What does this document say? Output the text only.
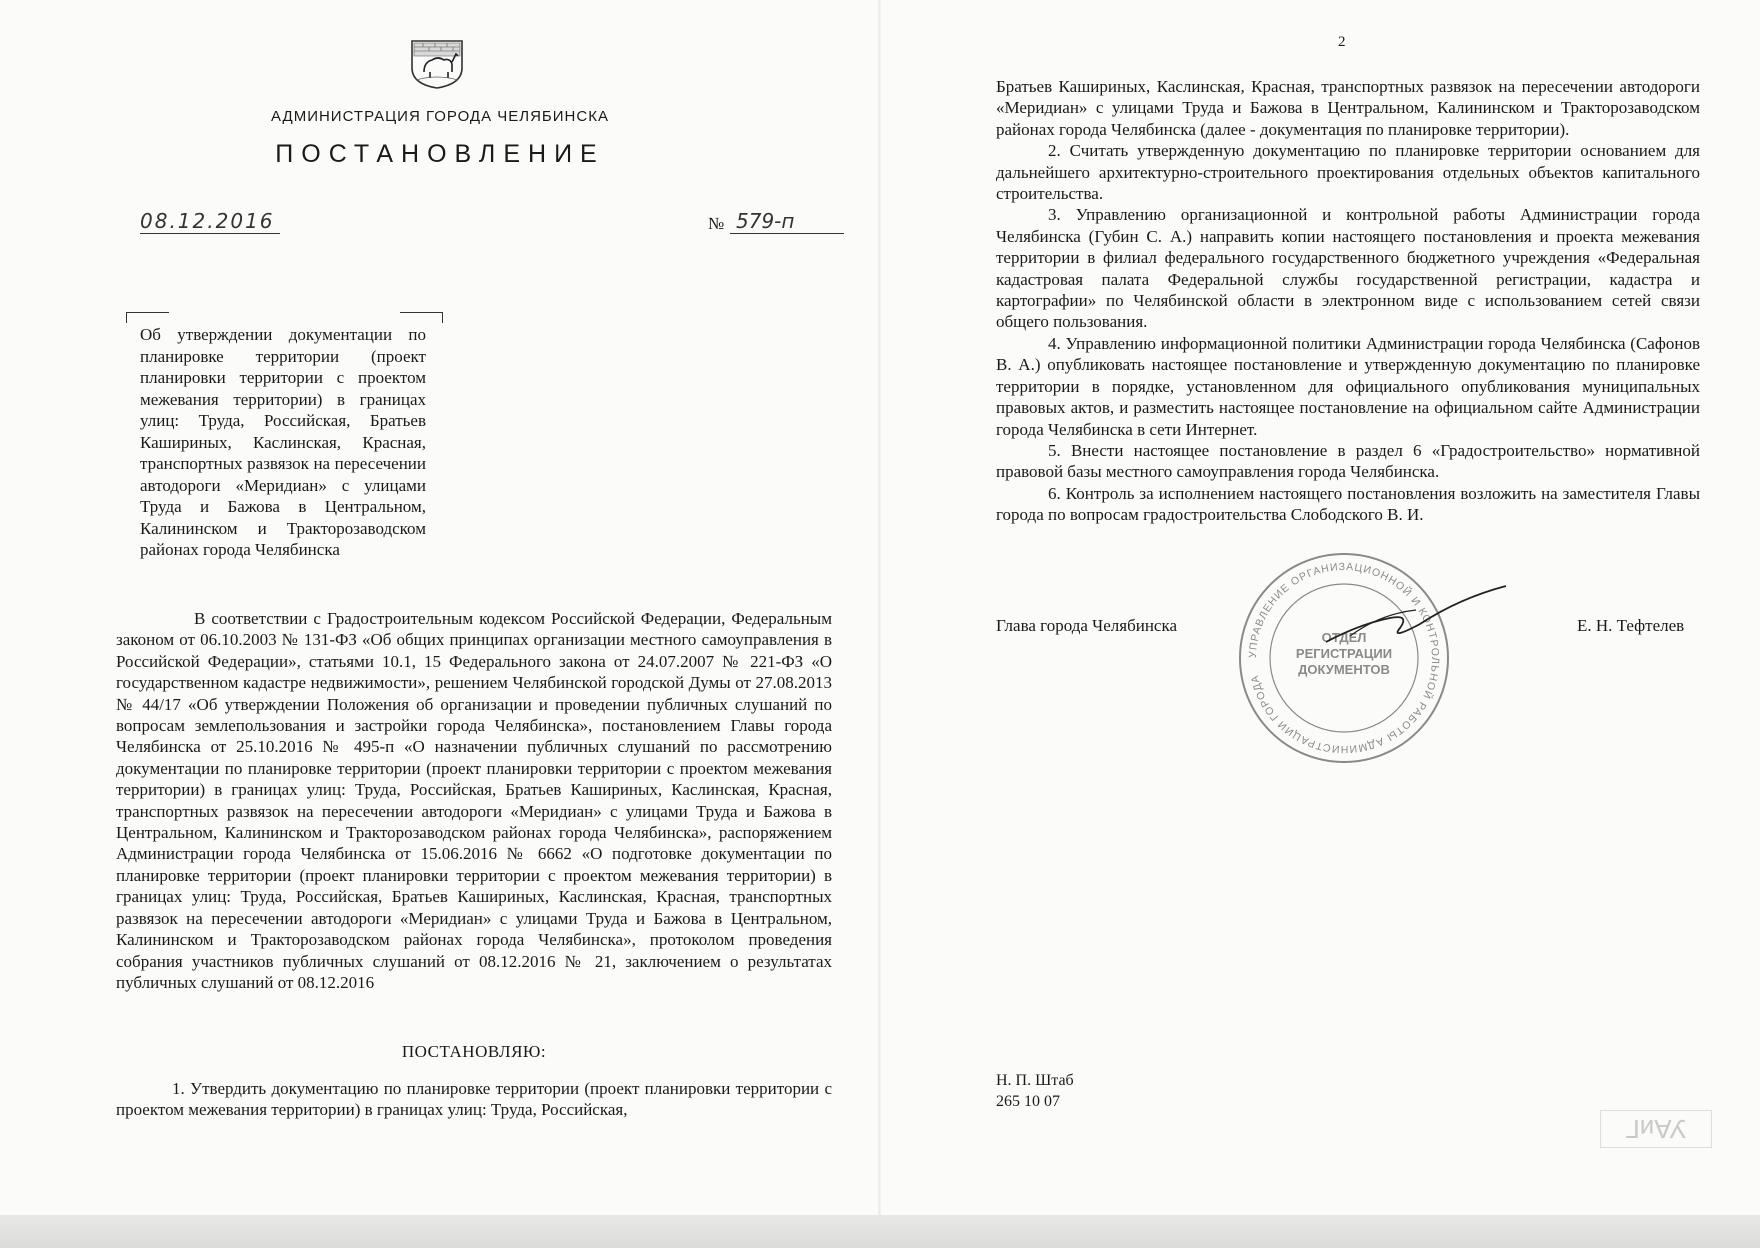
АДМИНИСТРАЦИЯ ГОРОДА ЧЕЛЯБИНСКА
ПОСТАНОВЛЕНИЕ
08.12.2016	№ 579-п
Об утверждении документации по планировке территории (проект планировки территории с проектом межевания территории) в границах улиц: Труда, Российская, Братьев Кашириных, Каслинская, Красная, транспортных развязок на пересечении автодороги «Меридиан» с улицами Труда и Бажова в Центральном, Калининском и Тракторозаводском районах города Челябинска
В соответствии с Градостроительным кодексом Российской Федерации, Федеральным законом от 06.10.2003 № 131-ФЗ «Об общих принципах организации местного самоуправления в Российской Федерации», статьями 10.1, 15 Федерального закона от 24.07.2007 № 221-ФЗ «О государственном кадастре недвижимости», решением Челябинской городской Думы от 27.08.2013 № 44/17 «Об утверждении Положения об организации и проведении публичных слушаний по вопросам землепользования и застройки города Челябинска», постановлением Главы города Челябинска от 25.10.2016 № 495-п «О назначении публичных слушаний по рассмотрению документации по планировке территории (проект планировки территории с проектом межевания территории) в границах улиц: Труда, Российская, Братьев Кашириных, Каслинская, Красная, транспортных развязок на пересечении автодороги «Меридиан» с улицами Труда и Бажова в Центральном, Калининском и Тракторозаводском районах города Челябинска», распоряжением Администрации города Челябинска от 15.06.2016 № 6662 «О подготовке документации по планировке территории (проект планировки территории с проектом межевания территории) в границах улиц: Труда, Российская, Братьев Кашириных, Каслинская, Красная, транспортных развязок на пересечении автодороги «Меридиан» с улицами Труда и Бажова в Центральном, Калининском и Тракторозаводском районах города Челябинска», протоколом проведения собрания участников публичных слушаний от 08.12.2016 № 21, заключением о результатах публичных слушаний от 08.12.2016
ПОСТАНОВЛЯЮ:
1. Утвердить документацию по планировке территории (проект планировки территории с проектом межевания территории) в границах улиц: Труда, Российская,
2

Братьев Кашириных, Каслинская, Красная, транспортных развязок на пересечении автодороги «Меридиан» с улицами Труда и Бажова в Центральном, Калининском и Тракторозаводском районах города Челябинска (далее - документация по планировке территории).

2. Считать утвержденную документацию по планировке территории основанием для дальнейшего архитектурно-строительного проектирования отдельных объектов капитального строительства.

3. Управлению организационной и контрольной работы Администрации города Челябинска (Губин С. А.) направить копии настоящего постановления и проекта межевания территории в филиал федерального государственного бюджетного учреждения «Федеральная кадастровая палата Федеральной службы государственной регистрации, кадастра и картографии» по Челябинской области в электронном виде с использованием сетей связи общего пользования.

4. Управлению информационной политики Администрации города Челябинска (Сафонов В. А.) опубликовать настоящее постановление и утвержденную документацию по планировке территории в порядке, установленном для официального опубликования муниципальных правовых актов, и разместить настоящее постановление на официальном сайте Администрации города Челябинска в сети Интернет.

5. Внести настоящее постановление в раздел 6 «Градостроительство» нормативной правовой базы местного самоуправления города Челябинска.

6. Контроль за исполнением настоящего постановления возложить на заместителя Главы города по вопросам градостроительства Слободского В. И.

Глава города Челябинска	Е. Н. Тефтелев
УПРАВЛЕНИЕ ОРГАНИЗАЦИОННОЙ И КОНТРОЛЬНОЙ РАБОТЫ АДМИНИСТРАЦИИ ГОРОДА
ОТДЕЛ РЕГИСТРАЦИИ ДОКУМЕНТОВ
Н. П. Штаб
265 10 07
УАиГ
